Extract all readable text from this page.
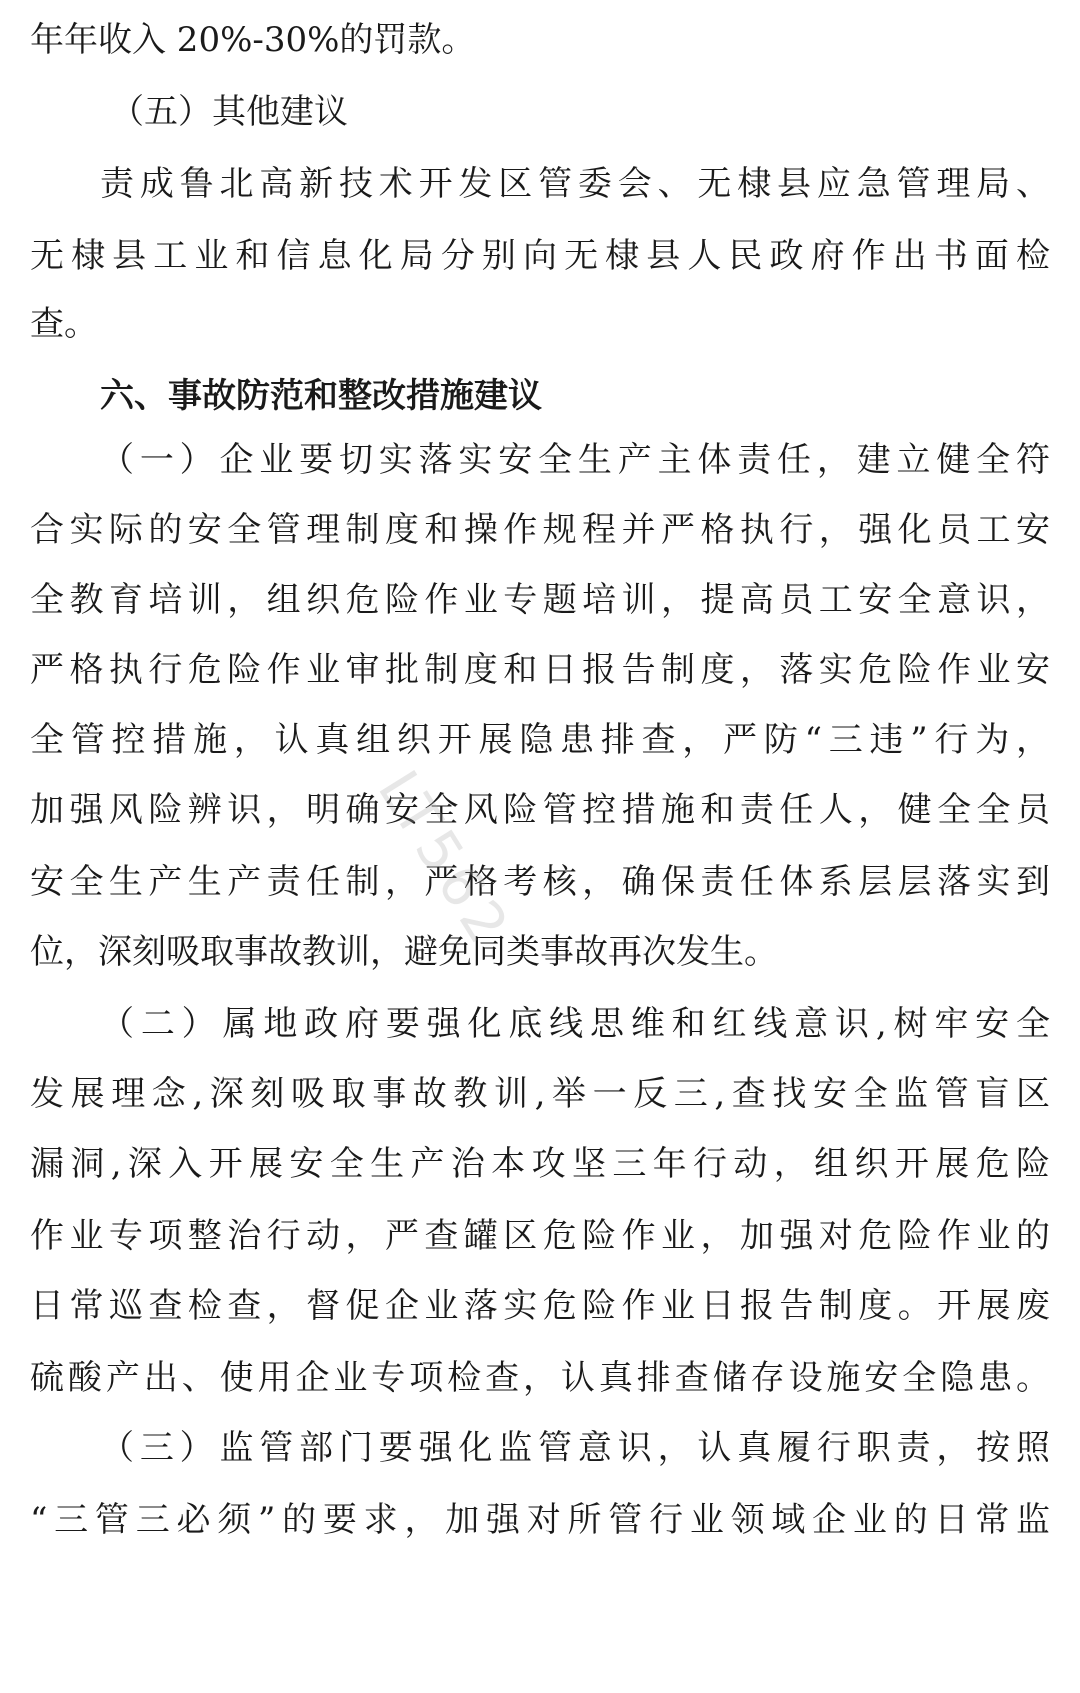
年年收入 20%-30%的罚款。
（五）其他建议
责成鲁北高新技术开发区管委会、无棣县应急管理局、
无棣县工业和信息化局分别向无棣县人民政府作出书面检
查。
六、事故防范和整改措施建议
（一）企业要切实落实安全生产主体责任，建立健全符
合实际的安全管理制度和操作规程并严格执行，强化员工安
全教育培训，组织危险作业专题培训，提高员工安全意识，
严格执行危险作业审批制度和日报告制度，落实危险作业安
全管控措施，认真组织开展隐患排查，严防“三违”行为，
加强风险辨识，明确安全风险管控措施和责任人，健全全员
安全生产生产责任制，严格考核，确保责任体系层层落实到
位，深刻吸取事故教训，避免同类事故再次发生。
（二）属地政府要强化底线思维和红线意识,树牢安全
发展理念,深刻吸取事故教训,举一反三,查找安全监管盲区
漏洞,深入开展安全生产治本攻坚三年行动，组织开展危险
作业专项整治行动，严查罐区危险作业，加强对危险作业的
日常巡查检查，督促企业落实危险作业日报告制度。开展废
硫酸产出、使用企业专项检查，认真排查储存设施安全隐患。
（三）监管部门要强化监管意识，认真履行职责，按照
“三管三必须”的要求，加强对所管行业领域企业的日常监
LT562
